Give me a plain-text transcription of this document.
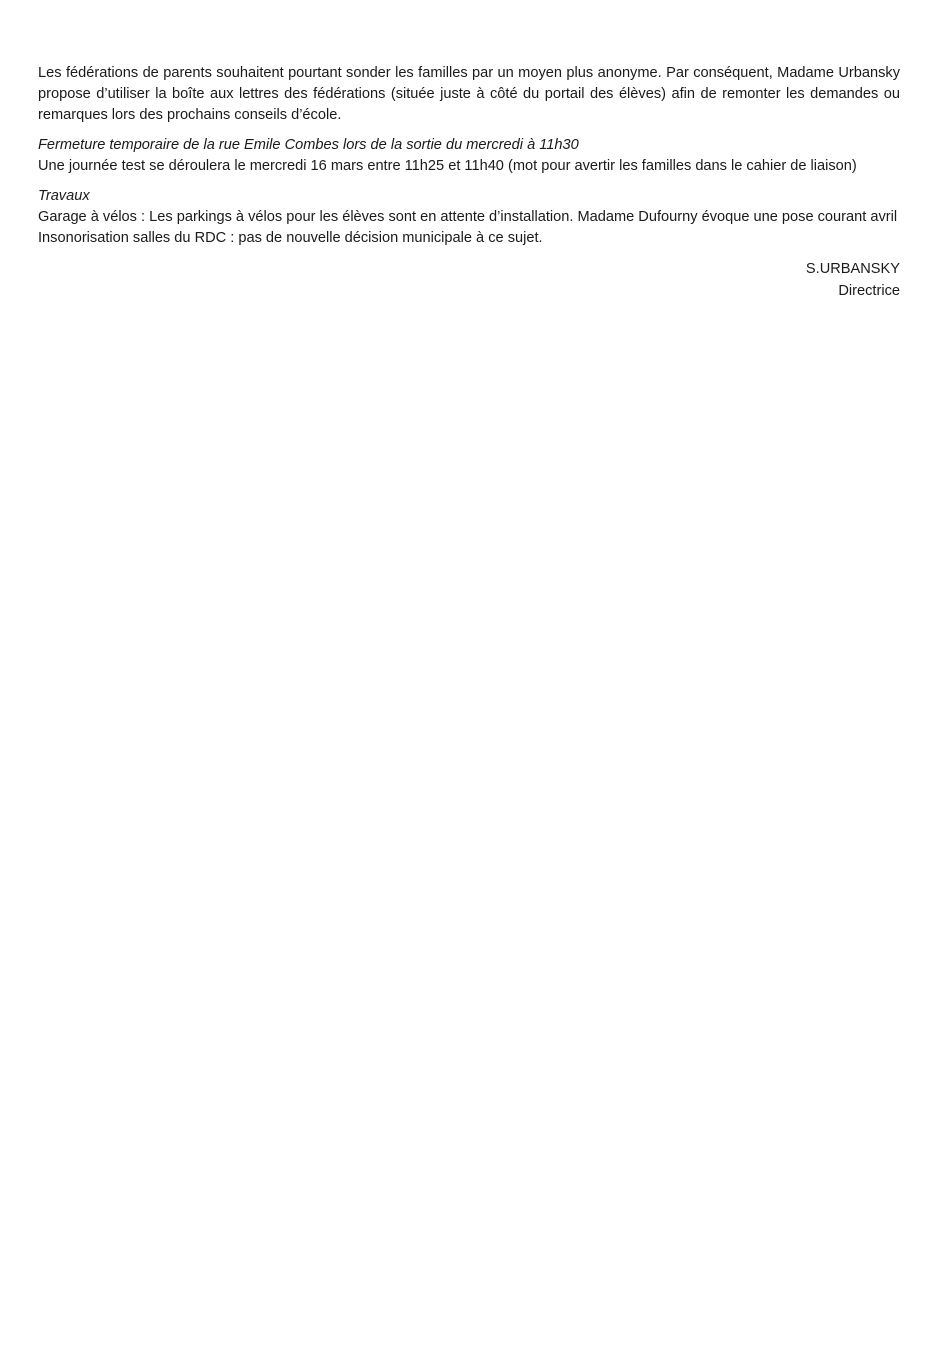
Les fédérations de parents souhaitent pourtant sonder les familles par un moyen plus anonyme. Par conséquent, Madame Urbansky propose d’utiliser la boîte aux lettres des fédérations (située juste à côté du portail des élèves) afin de remonter les demandes ou remarques lors des prochains conseils d’école.

Fermeture temporaire de la rue Emile Combes lors de la sortie du mercredi à 11h30

Une journée test se déroulera le mercredi 16 mars entre 11h25 et 11h40 (mot pour avertir les familles dans le cahier de liaison)

Travaux

Garage à vélos : Les parkings à vélos pour les élèves sont en attente d’installation. Madame Dufourny évoque une pose courant avril

Insonorisation salles du RDC : pas de nouvelle décision municipale à ce sujet.

S.URBANSKY
Directrice
